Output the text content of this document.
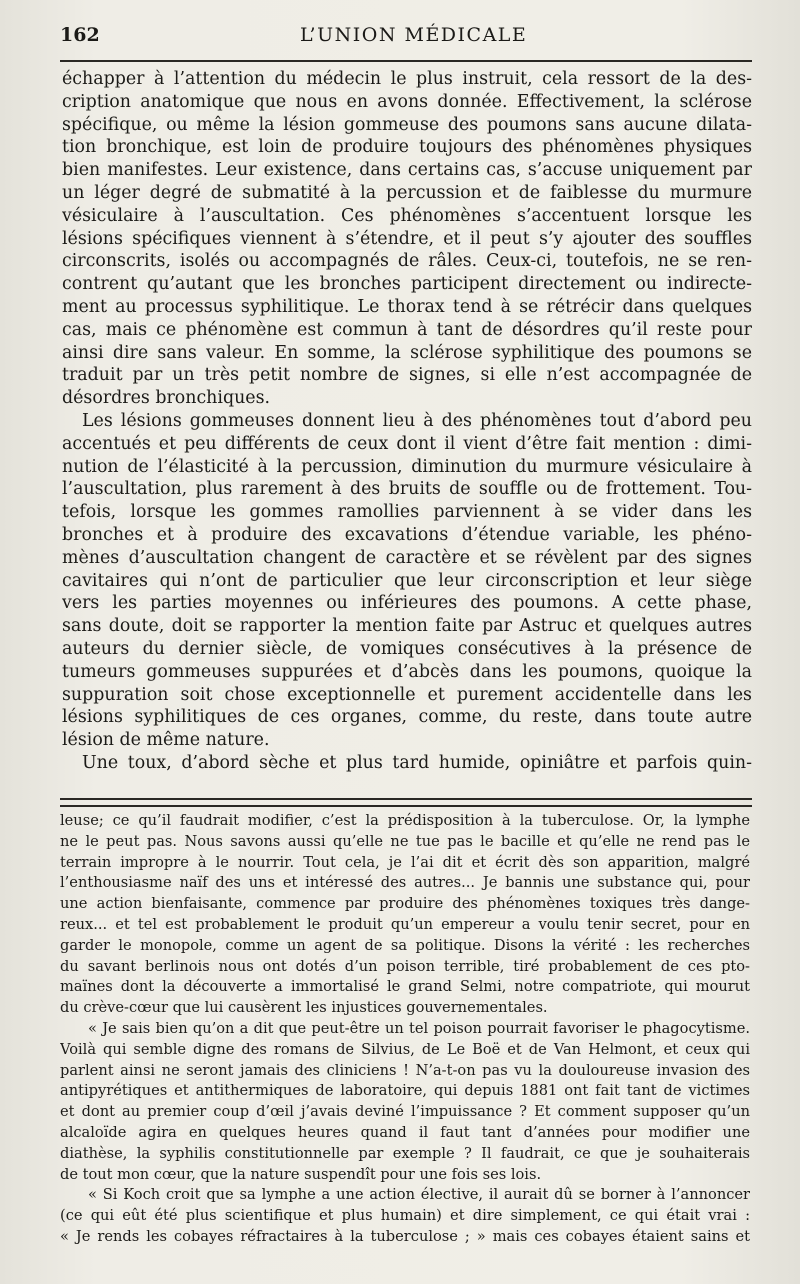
162	L’UNION MÉDICALE
échapper à l’attention du médecin le plus instruit, cela ressort de la des-
cription anatomique que nous en avons donnée. Effectivement, la sclérose
spécifique, ou même la lésion gommeuse des poumons sans aucune dilata-
tion bronchique, est loin de produire toujours des phénomènes physiques
bien manifestes. Leur existence, dans certains cas, s’accuse uniquement par
un léger degré de submatité à la percussion et de faiblesse du murmure
vésiculaire à l’auscultation. Ces phénomènes s’accentuent lorsque les
lésions spécifiques viennent à s’étendre, et il peut s’y ajouter des souffles
circonscrits, isolés ou accompagnés de râles. Ceux-ci, toutefois, ne se ren-
contrent qu’autant que les bronches participent directement ou indirecte-
ment au processus syphilitique. Le thorax tend à se rétrécir dans quelques
cas, mais ce phénomène est commun à tant de désordres qu’il reste pour
ainsi dire sans valeur. En somme, la sclérose syphilitique des poumons se
traduit par un très petit nombre de signes, si elle n’est accompagnée de
désordres bronchiques.
Les lésions gommeuses donnent lieu à des phénomènes tout d’abord peu
accentués et peu différents de ceux dont il vient d’être fait mention : dimi-
nution de l’élasticité à la percussion, diminution du murmure vésiculaire à
l’auscultation, plus rarement à des bruits de souffle ou de frottement. Tou-
tefois, lorsque les gommes ramollies parviennent à se vider dans les
bronches et à produire des excavations d’étendue variable, les phéno-
mènes d’auscultation changent de caractère et se révèlent par des signes
cavitaires qui n’ont de particulier que leur circonscription et leur siège
vers les parties moyennes ou inférieures des poumons. A cette phase,
sans doute, doit se rapporter la mention faite par Astruc et quelques autres
auteurs du dernier siècle, de vomiques consécutives à la présence de
tumeurs gommeuses suppurées et d’abcès dans les poumons, quoique la
suppuration soit chose exceptionnelle et purement accidentelle dans les
lésions syphilitiques de ces organes, comme, du reste, dans toute autre
lésion de même nature.
Une toux, d’abord sèche et plus tard humide, opiniâtre et parfois quin-
leuse; ce qu’il faudrait modifier, c’est la prédisposition à la tuberculose. Or, la lymphe
ne le peut pas. Nous savons aussi qu’elle ne tue pas le bacille et qu’elle ne rend pas le
terrain impropre à le nourrir. Tout cela, je l’ai dit et écrit dès son apparition, malgré
l’enthousiasme naïf des uns et intéressé des autres... Je bannis une substance qui, pour
une action bienfaisante, commence par produire des phénomènes toxiques très dange-
reux... et tel est probablement le produit qu’un empereur a voulu tenir secret, pour en
garder le monopole, comme un agent de sa politique. Disons la vérité : les recherches
du savant berlinois nous ont dotés d’un poison terrible, tiré probablement de ces pto-
maïnes dont la découverte a immortalisé le grand Selmi, notre compatriote, qui mourut
du crève-cœur que lui causèrent les injustices gouvernementales.
« Je sais bien qu’on a dit que peut-être un tel poison pourrait favoriser le phagocytisme.
Voilà qui semble digne des romans de Silvius, de Le Boë et de Van Helmont, et ceux qui
parlent ainsi ne seront jamais des cliniciens ! N’a-t-on pas vu la douloureuse invasion des
antipyrétiques et antithermiques de laboratoire, qui depuis 1881 ont fait tant de victimes
et dont au premier coup d’œil j’avais deviné l’impuissance ? Et comment supposer qu’un
alcaloïde agira en quelques heures quand il faut tant d’années pour modifier une
diathèse, la syphilis constitutionnelle par exemple ? Il faudrait, ce que je souhaiterais
de tout mon cœur, que la nature suspendît pour une fois ses lois.
« Si Koch croit que sa lymphe a une action élective, il aurait dû se borner à l’annoncer
(ce qui eût été plus scientifique et plus humain) et dire simplement, ce qui était vrai :
« Je rends les cobayes réfractaires à la tuberculose ; » mais ces cobayes étaient sains et
